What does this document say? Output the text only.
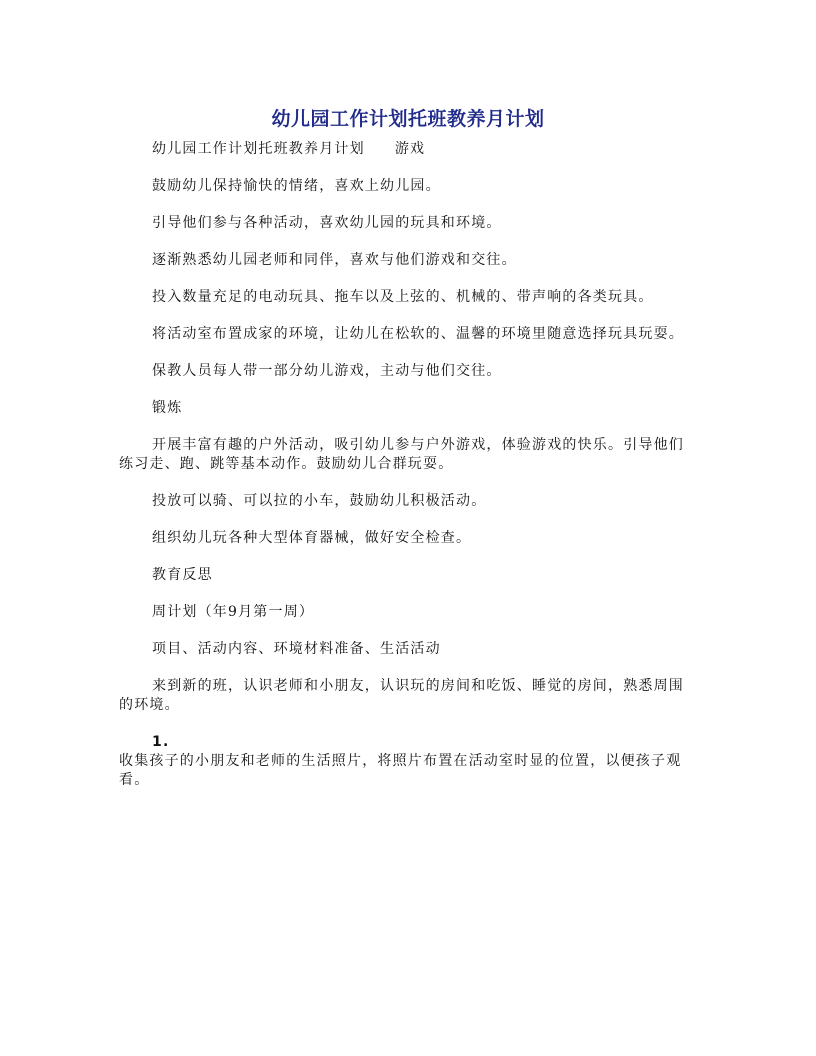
幼儿园工作计划托班教养月计划

幼儿园工作计划托班教养月计划 游戏

鼓励幼儿保持愉快的情绪，喜欢上幼儿园。

引导他们参与各种活动，喜欢幼儿园的玩具和环境。

逐渐熟悉幼儿园老师和同伴，喜欢与他们游戏和交往。

投入数量充足的电动玩具、拖车以及上弦的、机械的、带声响的各类玩具。

将活动室布置成家的环境，让幼儿在松软的、温馨的环境里随意选择玩具玩耍。

保教人员每人带一部分幼儿游戏，主动与他们交往。

锻炼

开展丰富有趣的户外活动，吸引幼儿参与户外游戏，体验游戏的快乐。引导他们练习走、跑、跳等基本动作。鼓励幼儿合群玩耍。

投放可以骑、可以拉的小车，鼓励幼儿积极活动。

组织幼儿玩各种大型体育器械，做好安全检查。

教育反思

周计划（年9月第一周）

项目、活动内容、环境材料准备、生活活动

来到新的班，认识老师和小朋友，认识玩的房间和吃饭、睡觉的房间，熟悉周围的环境。

1.

收集孩子的小朋友和老师的生活照片，将照片布置在活动室时显的位置，以便孩子观看。
